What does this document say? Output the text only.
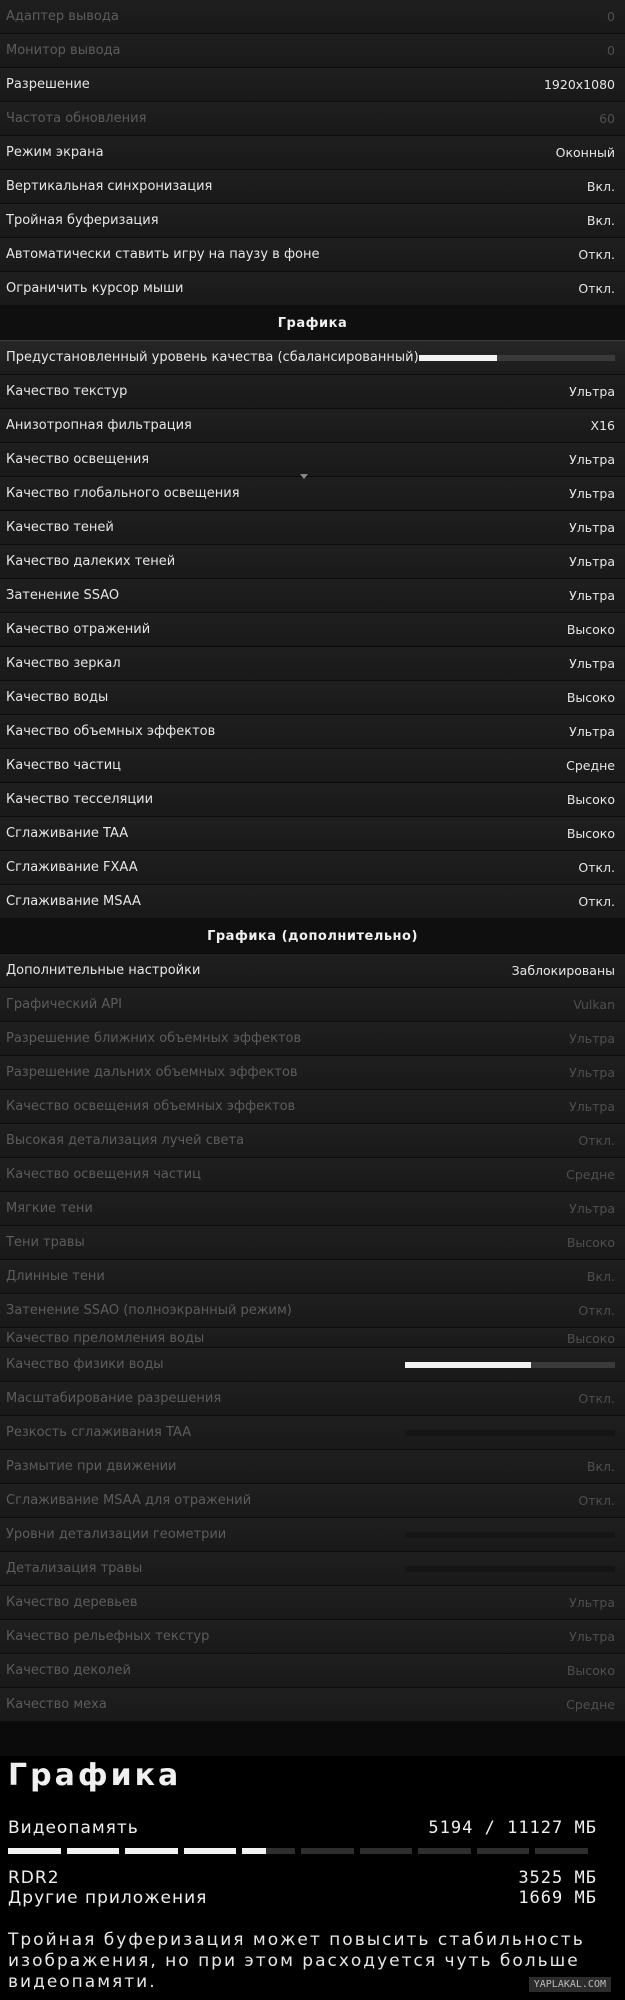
Адаптер вывода	0
Монитор вывода	0
Разрешение	1920x1080
Частота обновления	60
Режим экрана	Оконный
Вертикальная синхронизация	Вкл.
Тройная буферизация	Вкл.
Автоматически ставить игру на паузу в фоне	Откл.
Ограничить курсор мыши	Откл.
Графика
Предустановленный уровень качества (сбалансированный)
Качество текстур	Ультра
Анизотропная фильтрация	X16
Качество освещения	Ультра
Качество глобального освещения	Ультра
Качество теней	Ультра
Качество далеких теней	Ультра
Затенение SSAO	Ультра
Качество отражений	Высоко
Качество зеркал	Ультра
Качество воды	Высоко
Качество объемных эффектов	Ультра
Качество частиц	Средне
Качество тесселяции	Высоко
Сглаживание TAA	Высоко
Сглаживание FXAA	Откл.
Сглаживание MSAA	Откл.
Графика (дополнительно)
Дополнительные настройки	Заблокированы
Графический API	Vulkan
Разрешение ближних объемных эффектов	Ультра
Разрешение дальних объемных эффектов	Ультра
Качество освещения объемных эффектов	Ультра
Высокая детализация лучей света	Откл.
Качество освещения частиц	Средне
Мягкие тени	Ультра
Тени травы	Высоко
Длинные тени	Вкл.
Затенение SSAO (полноэкранный режим)	Откл.
Качество преломления воды	Высоко
Качество физики воды
Масштабирование разрешения	Откл.
Резкость сглаживания TAA
Размытие при движении	Вкл.
Сглаживание MSAA для отражений	Откл.
Уровни детализации геометрии
Детализация травы
Качество деревьев	Ультра
Качество рельефных текстур	Ультра
Качество деколей	Высоко
Качество меха	Средне
Графика
Видеопамять	5194 / 11127 МБ
RDR2	3525 МБ
Другие приложения	1669 МБ
Тройная буферизация может повысить стабильность изображения, но при этом расходуется чуть больше видеопамяти.	YAPLAKAL.COM
